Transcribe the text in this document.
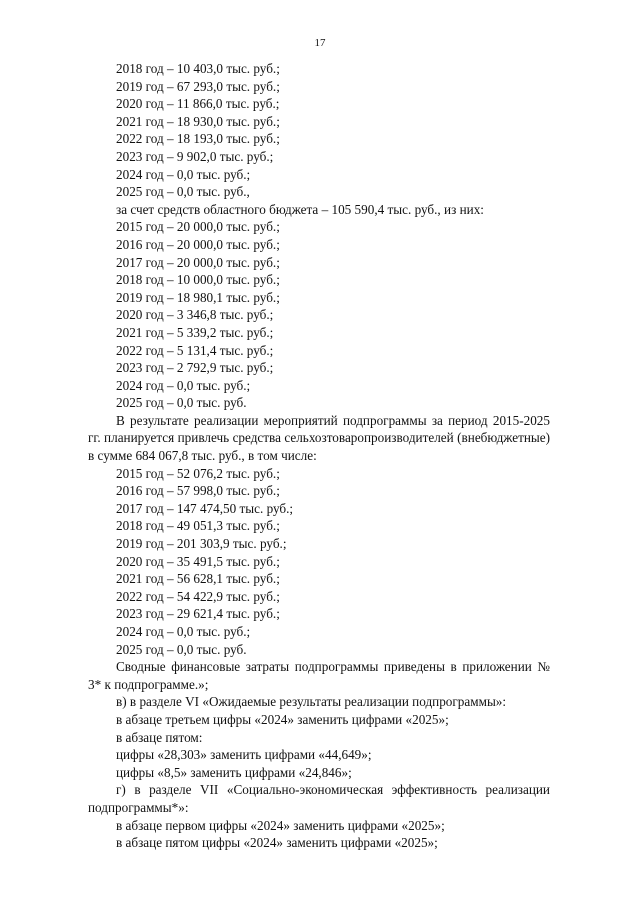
17
2018 год – 10 403,0 тыс. руб.;
2019 год – 67 293,0 тыс. руб.;
2020 год – 11 866,0 тыс. руб.;
2021 год – 18 930,0 тыс. руб.;
2022 год – 18 193,0 тыс. руб.;
2023 год – 9 902,0 тыс. руб.;
2024 год – 0,0 тыс. руб.;
2025 год – 0,0 тыс. руб.,
за счет средств областного бюджета – 105 590,4 тыс. руб., из них:
2015 год – 20 000,0 тыс. руб.;
2016 год – 20 000,0 тыс. руб.;
2017 год – 20 000,0 тыс. руб.;
2018 год – 10 000,0 тыс. руб.;
2019 год – 18 980,1 тыс. руб.;
2020 год – 3 346,8 тыс. руб.;
2021 год – 5 339,2 тыс. руб.;
2022 год – 5 131,4 тыс. руб.;
2023 год – 2 792,9 тыс. руб.;
2024 год – 0,0 тыс. руб.;
2025 год – 0,0 тыс. руб.
В результате реализации мероприятий подпрограммы за период 2015-2025 гг. планируется привлечь средства сельхозтоваропроизводителей (внебюджетные) в сумме 684 067,8 тыс. руб., в том числе:
2015 год – 52 076,2 тыс. руб.;
2016 год – 57 998,0 тыс. руб.;
2017 год – 147 474,50 тыс. руб.;
2018 год – 49 051,3 тыс. руб.;
2019 год – 201 303,9 тыс. руб.;
2020 год – 35 491,5 тыс. руб.;
2021 год – 56 628,1 тыс. руб.;
2022 год – 54 422,9 тыс. руб.;
2023 год – 29 621,4 тыс. руб.;
2024 год – 0,0 тыс. руб.;
2025 год – 0,0 тыс. руб.
Сводные финансовые затраты подпрограммы приведены в приложении № 3* к подпрограмме.»;
в) в разделе VI «Ожидаемые результаты реализации подпрограммы»:
в абзаце третьем цифры «2024» заменить цифрами «2025»;
в абзаце пятом:
цифры «28,303» заменить цифрами «44,649»;
цифры «8,5» заменить цифрами «24,846»;
г) в разделе VII «Социально-экономическая эффективность реализации подпрограммы*»:
в абзаце первом цифры «2024» заменить цифрами «2025»;
в абзаце пятом цифры «2024» заменить цифрами «2025»;
